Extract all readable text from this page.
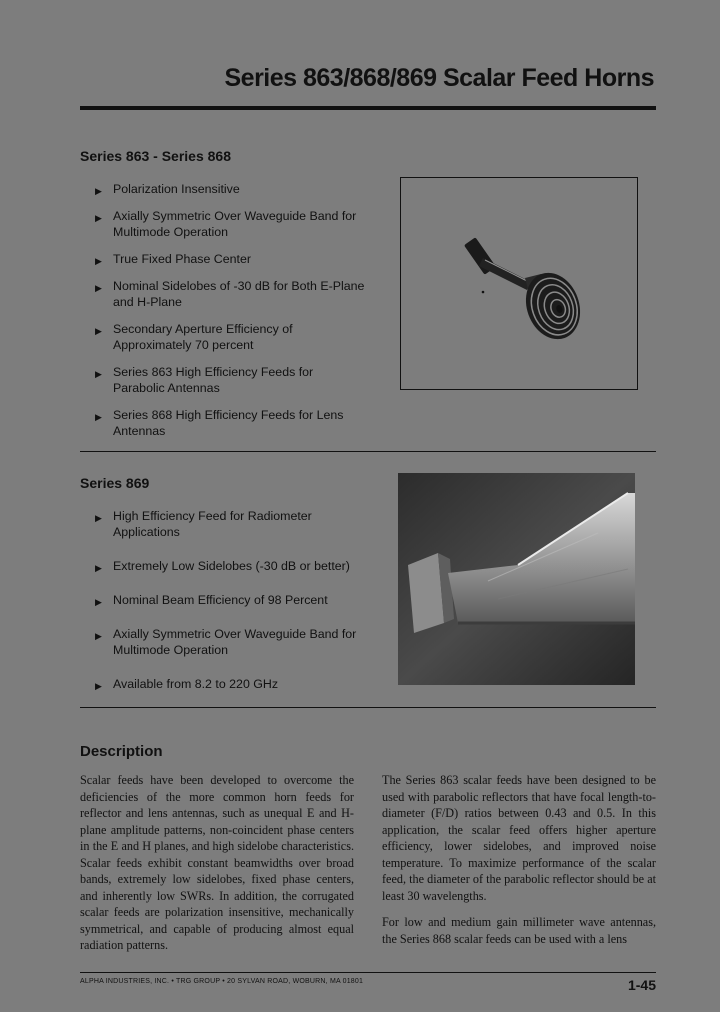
Series 863/868/869 Scalar Feed Horns
Series 863 - Series 868
▶ Polarization Insensitive
▶ Axially Symmetric Over Waveguide Band for Multimode Operation
▶ True Fixed Phase Center
▶ Nominal Sidelobes of -30 dB for Both E-Plane and H-Plane
▶ Secondary Aperture Efficiency of Approximately 70 percent
▶ Series 863 High Efficiency Feeds for Parabolic Antennas
▶ Series 868 High Efficiency Feeds for Lens Antennas
Series 869
▶ High Efficiency Feed for Radiometer Applications
▶ Extremely Low Sidelobes (-30 dB or better)
▶ Nominal Beam Efficiency of 98 Percent
▶ Axially Symmetric Over Waveguide Band for Multimode Operation
▶ Available from 8.2 to 220 GHz
Description

Scalar feeds have been developed to overcome the deficiencies of the more common horn feeds for reflector and lens antennas, such as unequal E and H-plane amplitude patterns, non-coincident phase centers in the E and H planes, and high sidelobe characteristics. Scalar feeds exhibit constant beamwidths over broad bands, extremely low sidelobes, fixed phase centers, and inherently low SWRs. In addition, the corrugated scalar feeds are polarization insensitive, mechanically symmetrical, and capable of producing almost equal radiation patterns.

The Series 863 scalar feeds have been designed to be used with parabolic reflectors that have focal length-to-diameter (F/D) ratios between 0.43 and 0.5. In this application, the scalar feed offers higher aperture efficiency, lower sidelobes, and improved noise temperature. To maximize performance of the scalar feed, the diameter of the parabolic reflector should be at least 30 wavelengths.

For low and medium gain millimeter wave antennas, the Series 868 scalar feeds can be used with a lens

ALPHA INDUSTRIES, INC. • TRG GROUP • 20 SYLVAN ROAD, WOBURN, MA 01801	1-45
